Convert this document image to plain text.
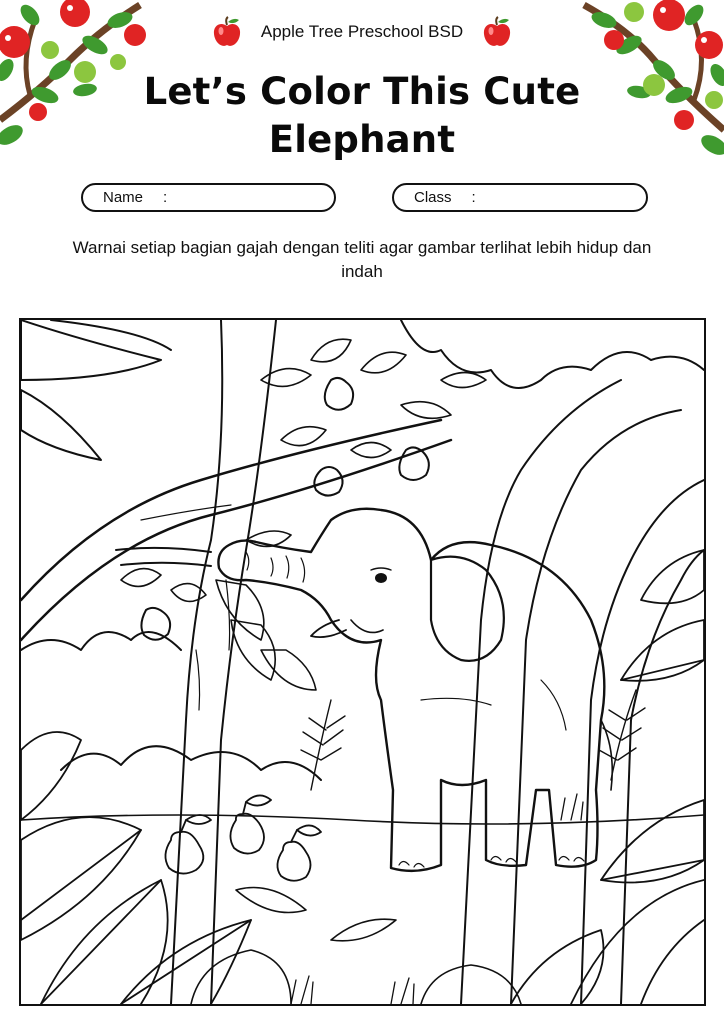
Apple Tree Preschool BSD
Let’s Color This Cute
Elephant
Name :	Class :
Warnai setiap bagian gajah dengan teliti agar gambar terlihat lebih hidup dan indah
